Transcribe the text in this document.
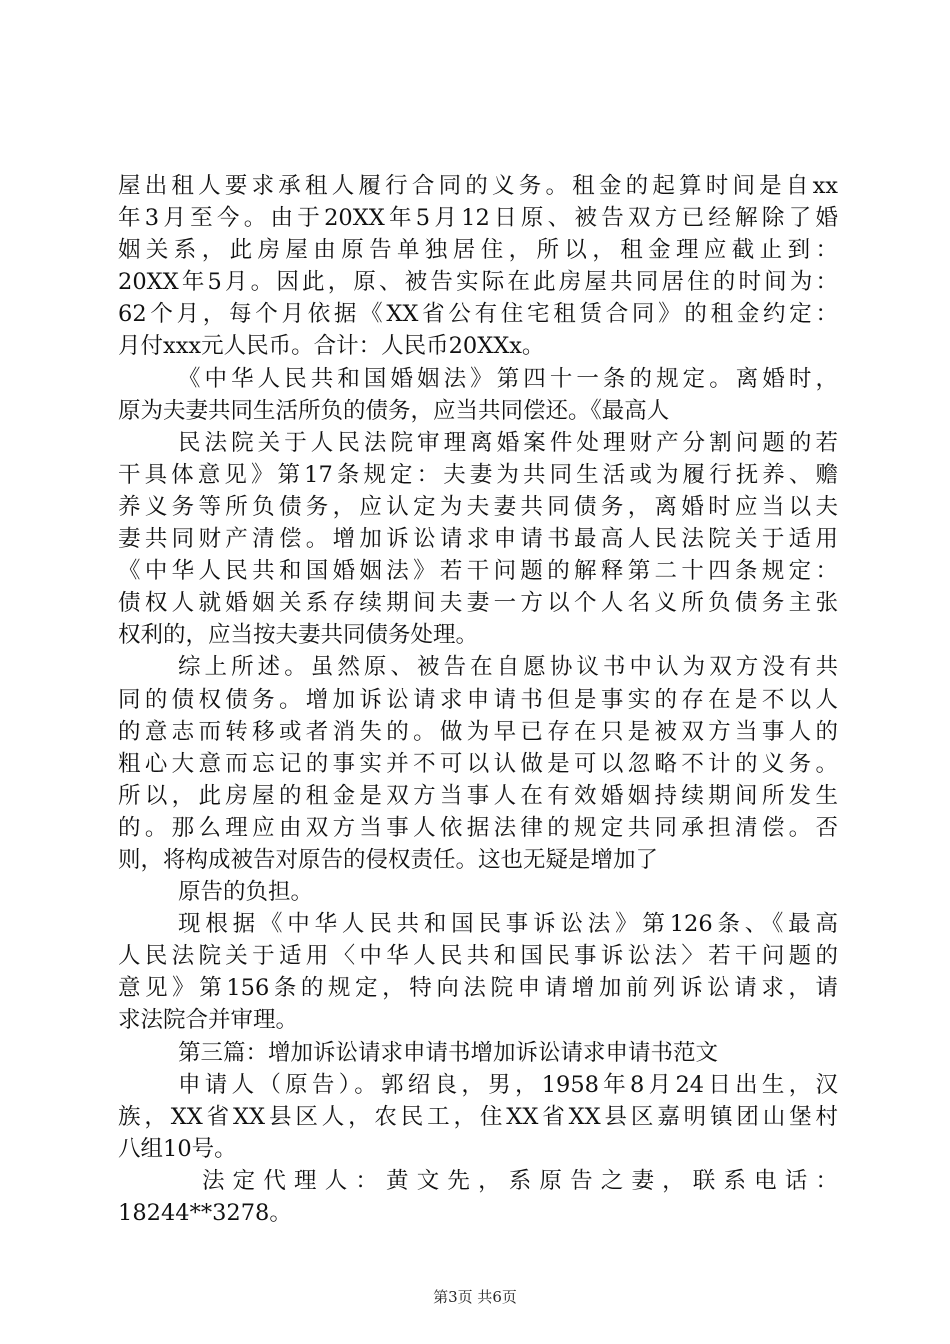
屋出租人要求承租人履行合同的义务。租金的起算时间是自xx
年3月至今。由于20XX年5月12日原、被告双方已经解除了婚
姻关系，此房屋由原告单独居住，所以，租金理应截止到：
20XX年5月。因此，原、被告实际在此房屋共同居住的时间为：
62个月，每个月依据《XX省公有住宅租赁合同》的租金约定：
月付xxx元人民币。合计：人民币20XXx。
《中华人民共和国婚姻法》第四十一条的规定。离婚时，
原为夫妻共同生活所负的债务，应当共同偿还。《最高人
民法院关于人民法院审理离婚案件处理财产分割问题的若
干具体意见》第17条规定：夫妻为共同生活或为履行抚养、赡
养义务等所负债务，应认定为夫妻共同债务，离婚时应当以夫
妻共同财产清偿。增加诉讼请求申请书最高人民法院关于适用
《中华人民共和国婚姻法》若干问题的解释第二十四条规定：
债权人就婚姻关系存续期间夫妻一方以个人名义所负债务主张
权利的，应当按夫妻共同债务处理。
综上所述。虽然原、被告在自愿协议书中认为双方没有共
同的债权债务。增加诉讼请求申请书但是事实的存在是不以人
的意志而转移或者消失的。做为早已存在只是被双方当事人的
粗心大意而忘记的事实并不可以认做是可以忽略不计的义务。
所以，此房屋的租金是双方当事人在有效婚姻持续期间所发生
的。那么理应由双方当事人依据法律的规定共同承担清偿。否
则，将构成被告对原告的侵权责任。这也无疑是增加了
原告的负担。
现根据《中华人民共和国民事诉讼法》第126条、《最高
人民法院关于适用〈中华人民共和国民事诉讼法〉若干问题的
意见》第156条的规定，特向法院申请增加前列诉讼请求，请
求法院合并审理。
第三篇：增加诉讼请求申请书增加诉讼请求申请书范文
申请人（原告）。郭绍良，男，1958年8月24日出生，汉
族，XX省XX县区人，农民工，住XX省XX县区嘉明镇团山堡村
八组10号。
法定代理人：黄文先，系原告之妻，联系电话：
18244**3278。
第3页 共6页
